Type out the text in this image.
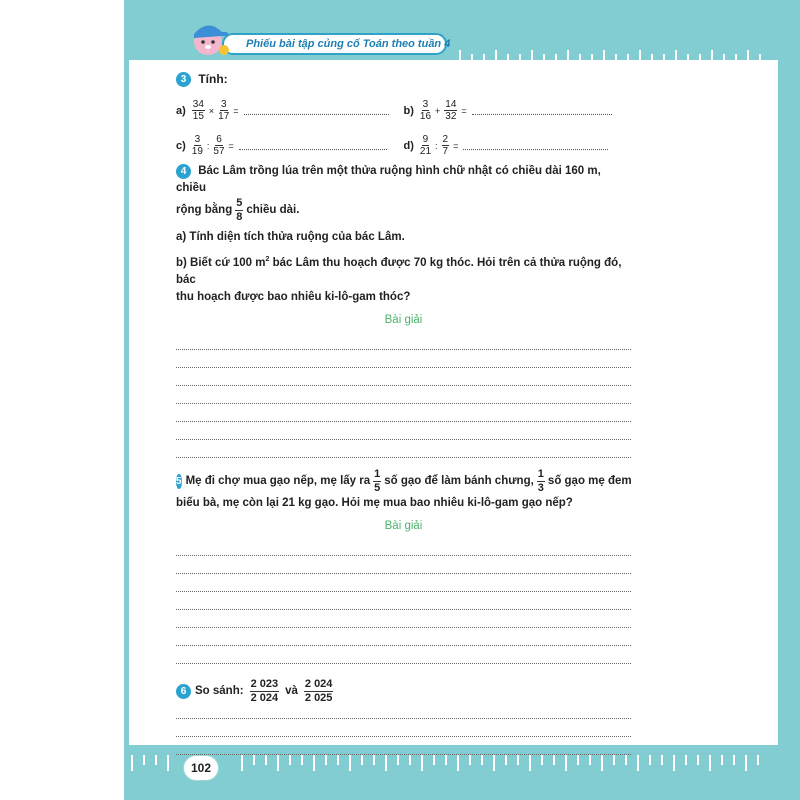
Phiếu bài tập củng cố Toán theo tuần 4
3 Tính:
$a) \frac{34}{15} \times \frac{3}{17}$ =	$b) \frac{3}{16} + \frac{14}{32}$ =
$c) \frac{3}{19}$ : $\frac{6}{57}$ =	$d) \frac{9}{21}$ : $\frac{2}{7}$ =
4 Bác Lâm trồng lúa trên một thửa ruộng hình chữ nhật có chiều dài 160 m, chiều
rộng bằng $\frac{5}{8}$ chiều dài.
a) Tính diện tích thửa ruộng của bác Lâm.
b) Biết cứ 100 $m^2$ bác Lâm thu hoạch được 70 kg thóc. Hỏi trên cả thửa ruộng đó, bác
thu hoạch được bao nhiêu ki-lô-gam thóc?
Bài giải
5 Mẹ đi chợ mua gạo nếp, mẹ lấy ra $\frac{1}{5}$ số gạo để làm bánh chưng, $\frac{1}{3}$ số gạo mẹ đem
biếu bà, mẹ còn lại 21 kg gạo. Hỏi mẹ mua bao nhiêu ki-lô-gam gạo nếp?
Bài giải
6 So sánh: $\frac{2 023}{2 024}$ và $\frac{2 024}{2 025}$
102
